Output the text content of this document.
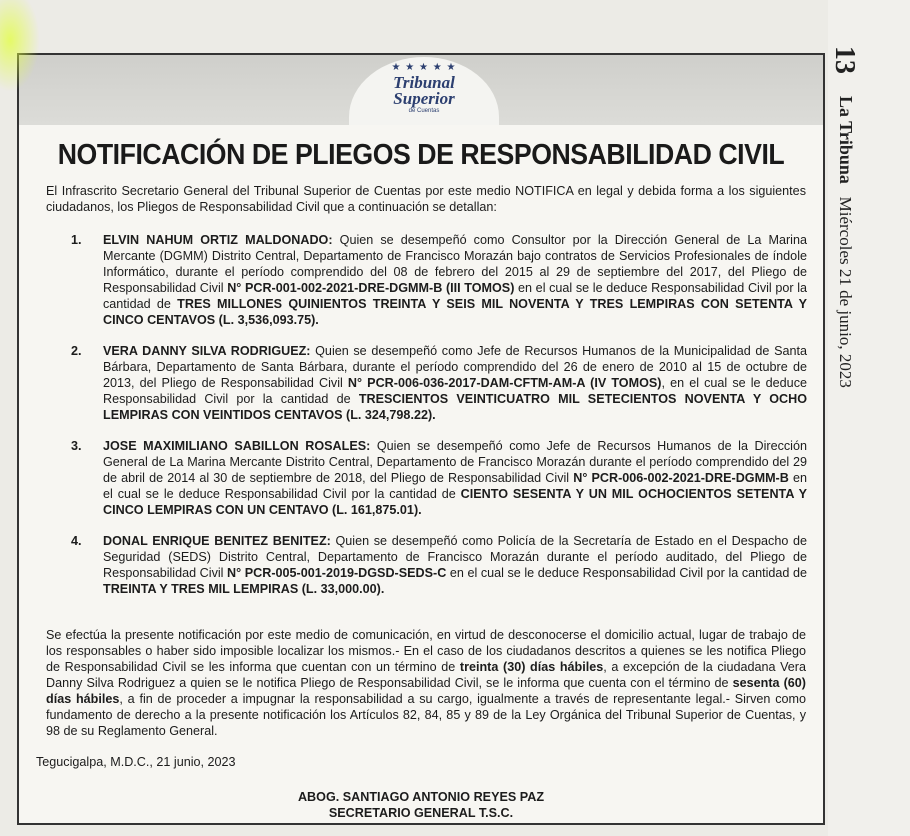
13
La Tribuna   Miércoles 21 de junio, 2023
★ ★ ★ ★ ★
Tribunal
Superior
de Cuentas
NOTIFICACIÓN DE PLIEGOS DE RESPONSABILIDAD CIVIL
El Infrascrito Secretario General del Tribunal Superior de Cuentas por este medio NOTIFICA en legal y debida forma a los siguientes ciudadanos, los Pliegos de Responsabilidad Civil que a continuación se detallan:
1. ELVIN NAHUM ORTIZ MALDONADO: Quien se desempeñó como Consultor por la Dirección General de La Marina Mercante (DGMM) Distrito Central, Departamento de Francisco Morazán bajo contratos de Servicios Profesionales de índole Informático, durante el período comprendido del 08 de febrero del 2015 al 29 de septiembre del 2017, del Pliego de Responsabilidad Civil N° PCR-001-002-2021-DRE-DGMM-B (III TOMOS) en el cual se le deduce Responsabilidad Civil por la cantidad de TRES MILLONES QUINIENTOS TREINTA Y SEIS MIL NOVENTA Y TRES LEMPIRAS CON SETENTA Y CINCO CENTAVOS (L. 3,536,093.75).
2. VERA DANNY SILVA RODRIGUEZ: Quien se desempeñó como Jefe de Recursos Humanos de la Municipalidad de Santa Bárbara, Departamento de Santa Bárbara, durante el período comprendido del 26 de enero de 2010 al 15 de octubre de 2013, del Pliego de Responsabilidad Civil N° PCR-006-036-2017-DAM-CFTM-AM-A (IV TOMOS), en el cual se le deduce Responsabilidad Civil por la cantidad de TRESCIENTOS VEINTICUATRO MIL SETECIENTOS NOVENTA Y OCHO LEMPIRAS CON VEINTIDOS CENTAVOS (L. 324,798.22).
3. JOSE MAXIMILIANO SABILLON ROSALES: Quien se desempeñó como Jefe de Recursos Humanos de la Dirección General de La Marina Mercante Distrito Central, Departamento de Francisco Morazán durante el período comprendido del 29 de abril de 2014 al 30 de septiembre de 2018, del Pliego de Responsabilidad Civil N° PCR-006-002-2021-DRE-DGMM-B en el cual se le deduce Responsabilidad Civil por la cantidad de CIENTO SESENTA Y UN MIL OCHOCIENTOS SETENTA Y CINCO LEMPIRAS CON UN CENTAVO (L. 161,875.01).
4. DONAL ENRIQUE BENITEZ BENITEZ: Quien se desempeñó como Policía de la Secretaría de Estado en el Despacho de Seguridad (SEDS) Distrito Central, Departamento de Francisco Morazán durante el período auditado, del Pliego de Responsabilidad Civil N° PCR-005-001-2019-DGSD-SEDS-C en el cual se le deduce Responsabilidad Civil por la cantidad de TREINTA Y TRES MIL LEMPIRAS (L. 33,000.00).
Se efectúa la presente notificación por este medio de comunicación, en virtud de desconocerse el domicilio actual, lugar de trabajo de los responsables o haber sido imposible localizar los mismos.- En el caso de los ciudadanos descritos a quienes se les notifica Pliego de Responsabilidad Civil se les informa que cuentan con un término de treinta (30) días hábiles, a excepción de la ciudadana Vera Danny Silva Rodriguez a quien se le notifica Pliego de Responsabilidad Civil, se le informa que cuenta con el término de sesenta (60) días hábiles, a fin de proceder a impugnar la responsabilidad a su cargo, igualmente a través de representante legal.- Sirven como fundamento de derecho a la presente notificación los Artículos 82, 84, 85 y 89 de la Ley Orgánica del Tribunal Superior de Cuentas, y 98 de su Reglamento General.
Tegucigalpa, M.D.C., 21 junio, 2023
ABOG. SANTIAGO ANTONIO REYES PAZ
SECRETARIO GENERAL T.S.C.
